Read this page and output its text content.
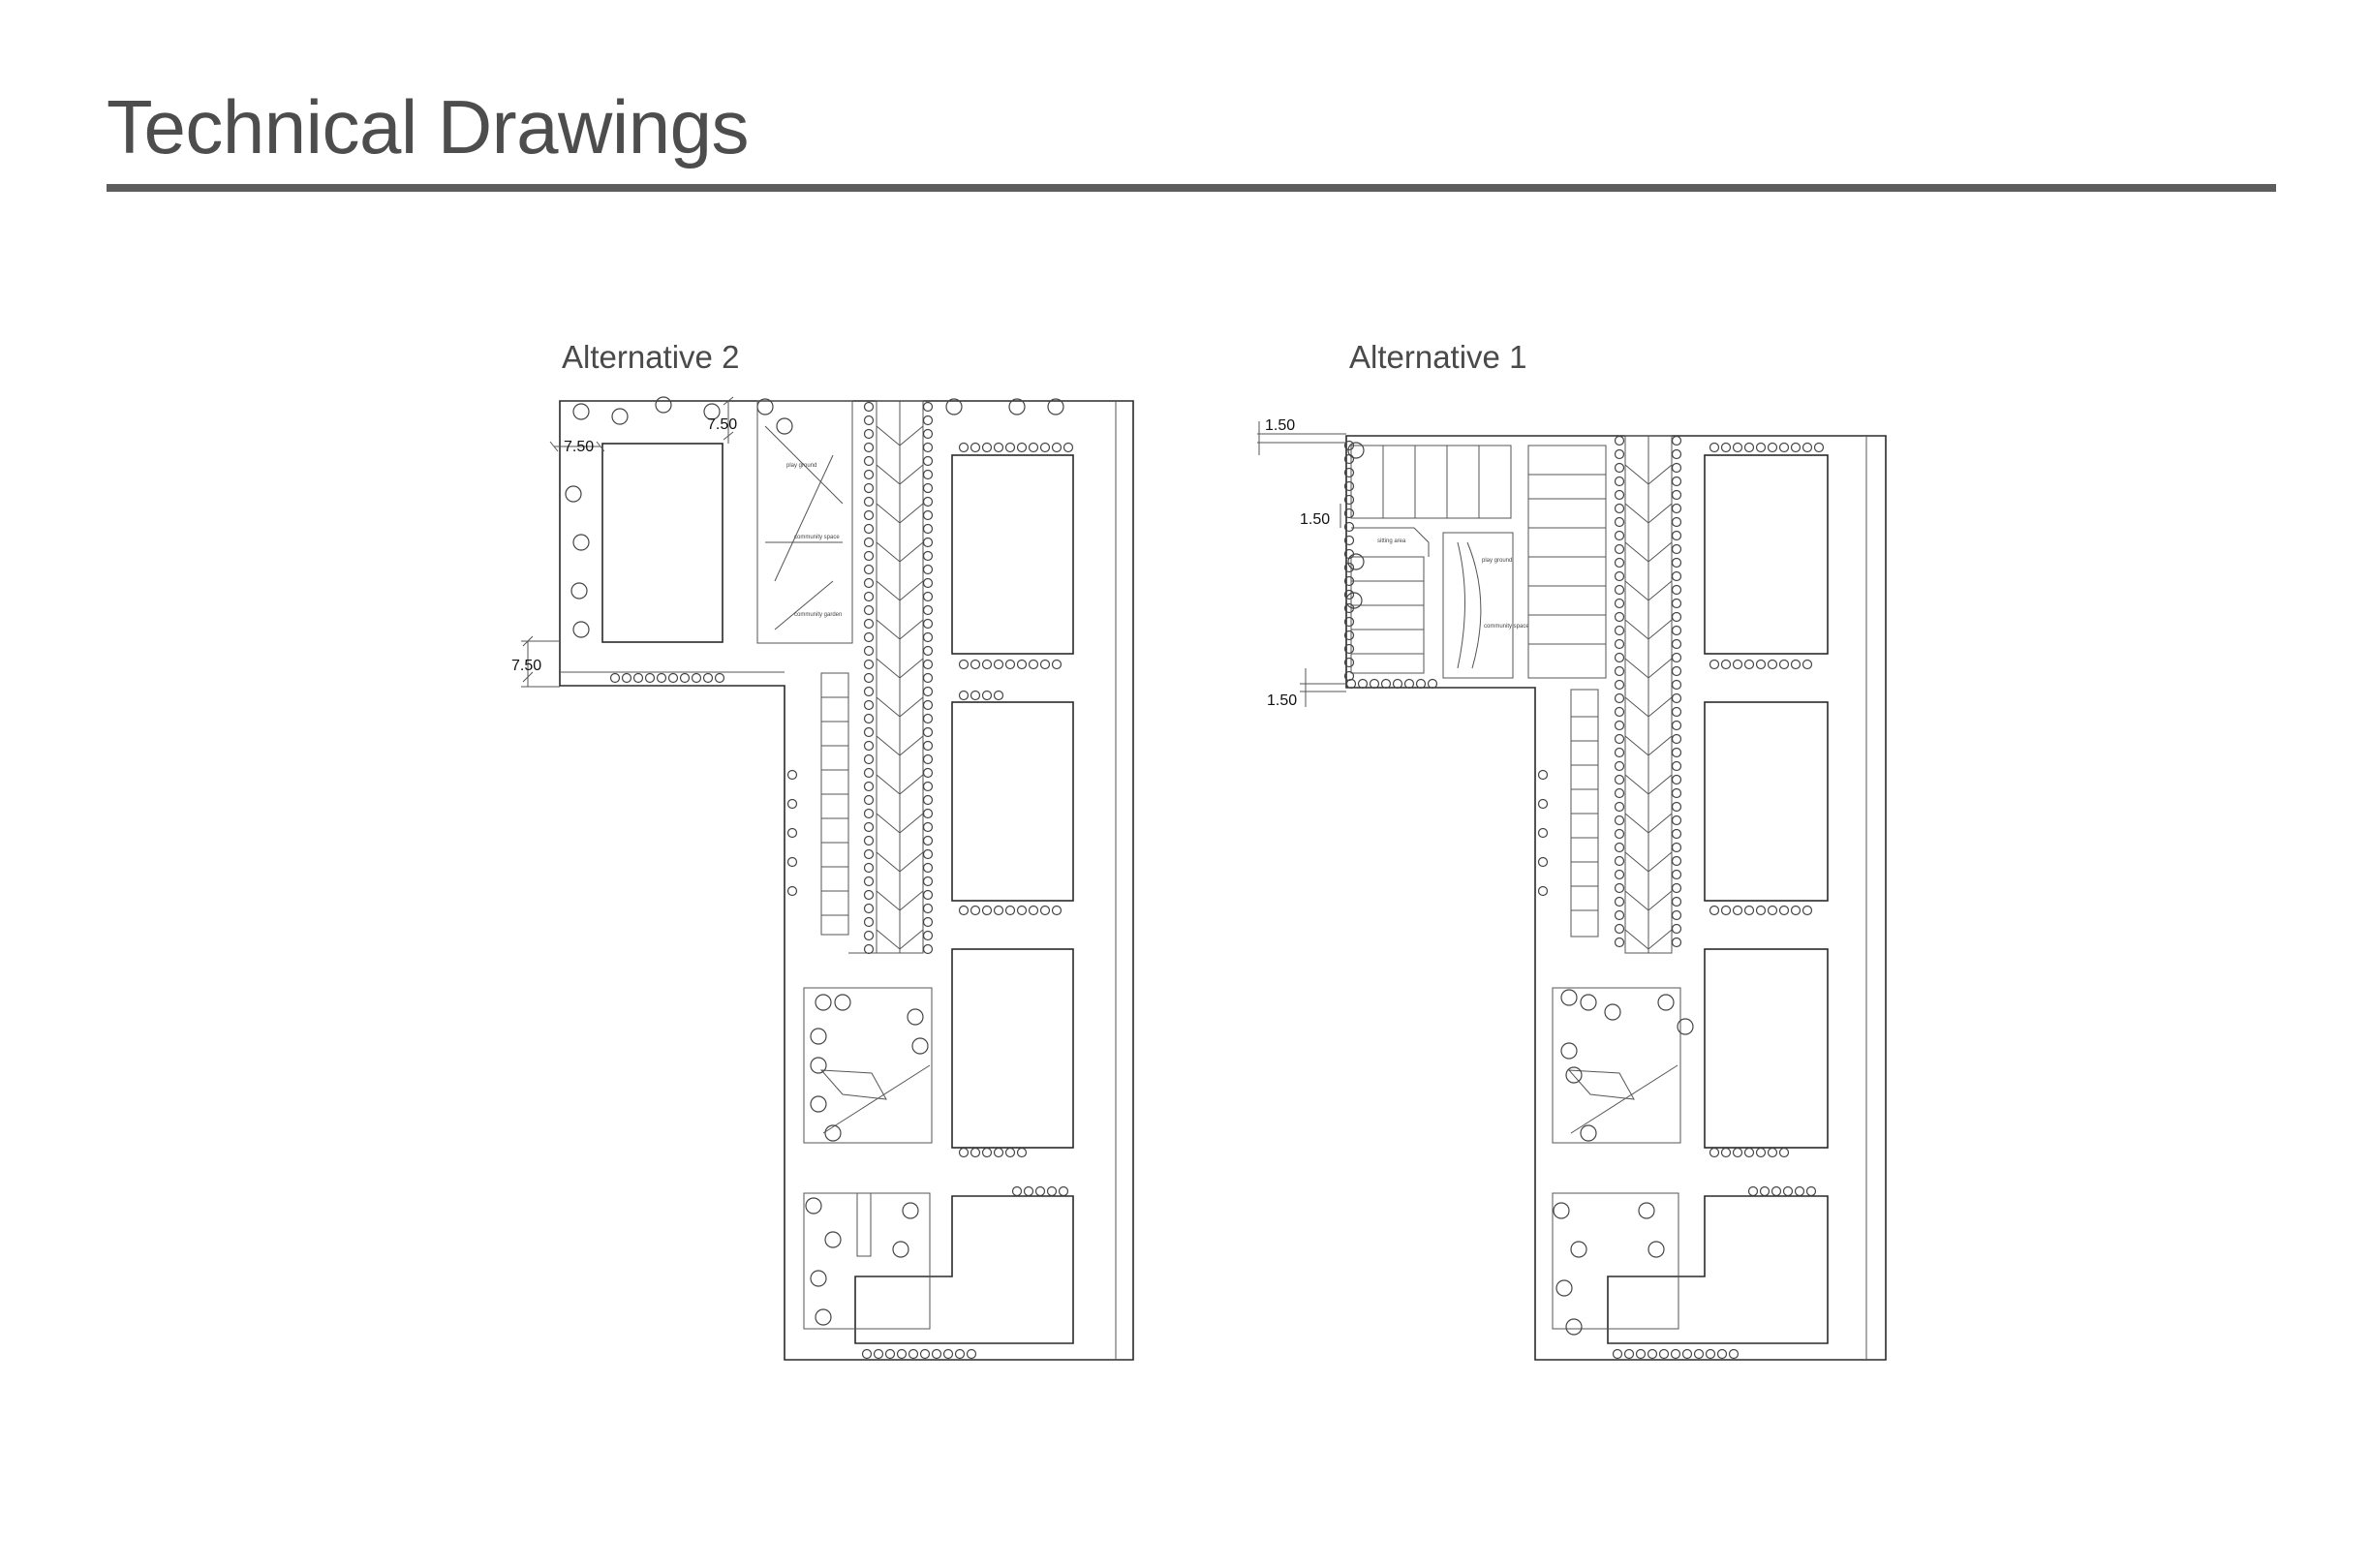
Technical Drawings
Alternative 2	Alternative 1
play ground
community space
community garden
sitting area
play ground
community space
7.50
7.50
7.50
1.50
1.50
1.50
